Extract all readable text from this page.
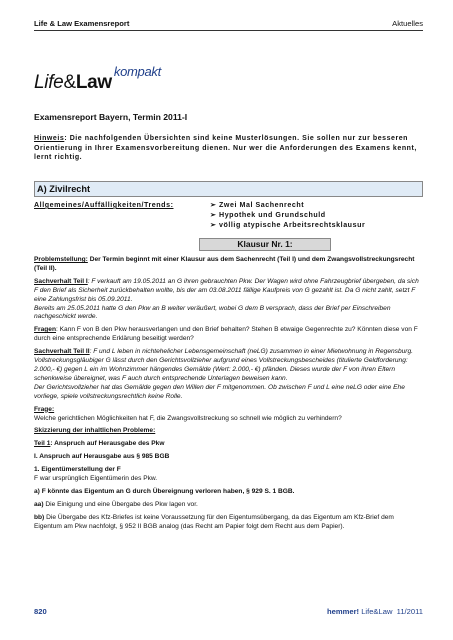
Life & Law Examensreport	Aktuelles
Life&Law$^{kompakt}$
Examensreport Bayern, Termin 2011-I
Hinweis: Die nachfolgenden Übersichten sind keine Musterlösungen. Sie sollen nur zur besseren Orientierung in Ihrer Examensvorbereitung dienen. Nur wer die Anforderungen des Examens kennt, lernt richtig.
A) Zivilrecht
Allgemeines/Auffälligkeiten/Trends:	➢ Zwei Mal Sachenrecht
➢ Hypothek und Grundschuld
➢ völlig atypische Arbeitsrechtsklausur
Klausur Nr. 1:

Problemstellung: Der Termin beginnt mit einer Klausur aus dem Sachenrecht (Teil I) und dem Zwangsvollstreckungsrecht (Teil II).

Sachverhalt Teil I: F verkauft am 19.05.2011 an G ihren gebrauchten Pkw. Der Wagen wird ohne Fahrzeugbrief übergeben, da sich F den Brief als Sicherheit zurückbehalten wollte, bis der am 03.08.2011 fällige Kaufpreis von G gezahlt ist. Da G nicht zahlt, setzt F eine Zahlungsfrist bis 05.09.2011.
Bereits am 25.05.2011 hatte G den Pkw an B weiter veräußert, wobei G dem B versprach, dass der Brief per Einschreiben nachgeschickt werde.

Fragen: Kann F von B den Pkw herausverlangen und den Brief behalten? Stehen B etwaige Gegenrechte zu? Könnten diese von F durch eine entsprechende Erklärung beseitigt werden?

Sachverhalt Teil II: F und L leben in nichtehelicher Lebensgemeinschaft (neLG) zusammen in einer Mietwohnung in Regensburg.
Vollstreckungsgläubiger G lässt durch den Gerichtsvollzieher aufgrund eines Vollstreckungsbescheides (titulierte Geldforderung: 2.000,- €) gegen L ein im Wohnzimmer hängendes Gemälde (Wert: 2.000,- €) pfänden. Dieses wurde der F von ihren Eltern schenkweise übereignet, was F auch durch entsprechende Unterlagen beweisen kann.
Der Gerichtsvollzieher hat das Gemälde gegen den Willen der F mitgenommen. Ob zwischen F und L eine neLG oder eine Ehe vorliege, spiele vollstreckungsrechtlich keine Rolle.

Frage:
Welche gerichtlichen Möglichkeiten hat F, die Zwangsvollstreckung so schnell wie möglich zu verhindern?

Skizzierung der inhaltlichen Probleme:

Teil 1: Anspruch auf Herausgabe des Pkw

I. Anspruch auf Herausgabe aus § 985 BGB

1. Eigentümerstellung der F
F war ursprünglich Eigentümerin des Pkw.

a) F könnte das Eigentum an G durch Übereignung verloren haben, § 929 S. 1 BGB.

aa) Die Einigung und eine Übergabe des Pkw lagen vor.

bb) Die Übergabe des Kfz-Briefes ist keine Voraussetzung für den Eigentumsübergang, da das Eigentum am Kfz-Brief dem Eigentum am Pkw nachfolgt, § 952 II BGB analog (das Recht am Papier folgt dem Recht aus dem Papier).

820	hemmer! Life&Law 11/2011
